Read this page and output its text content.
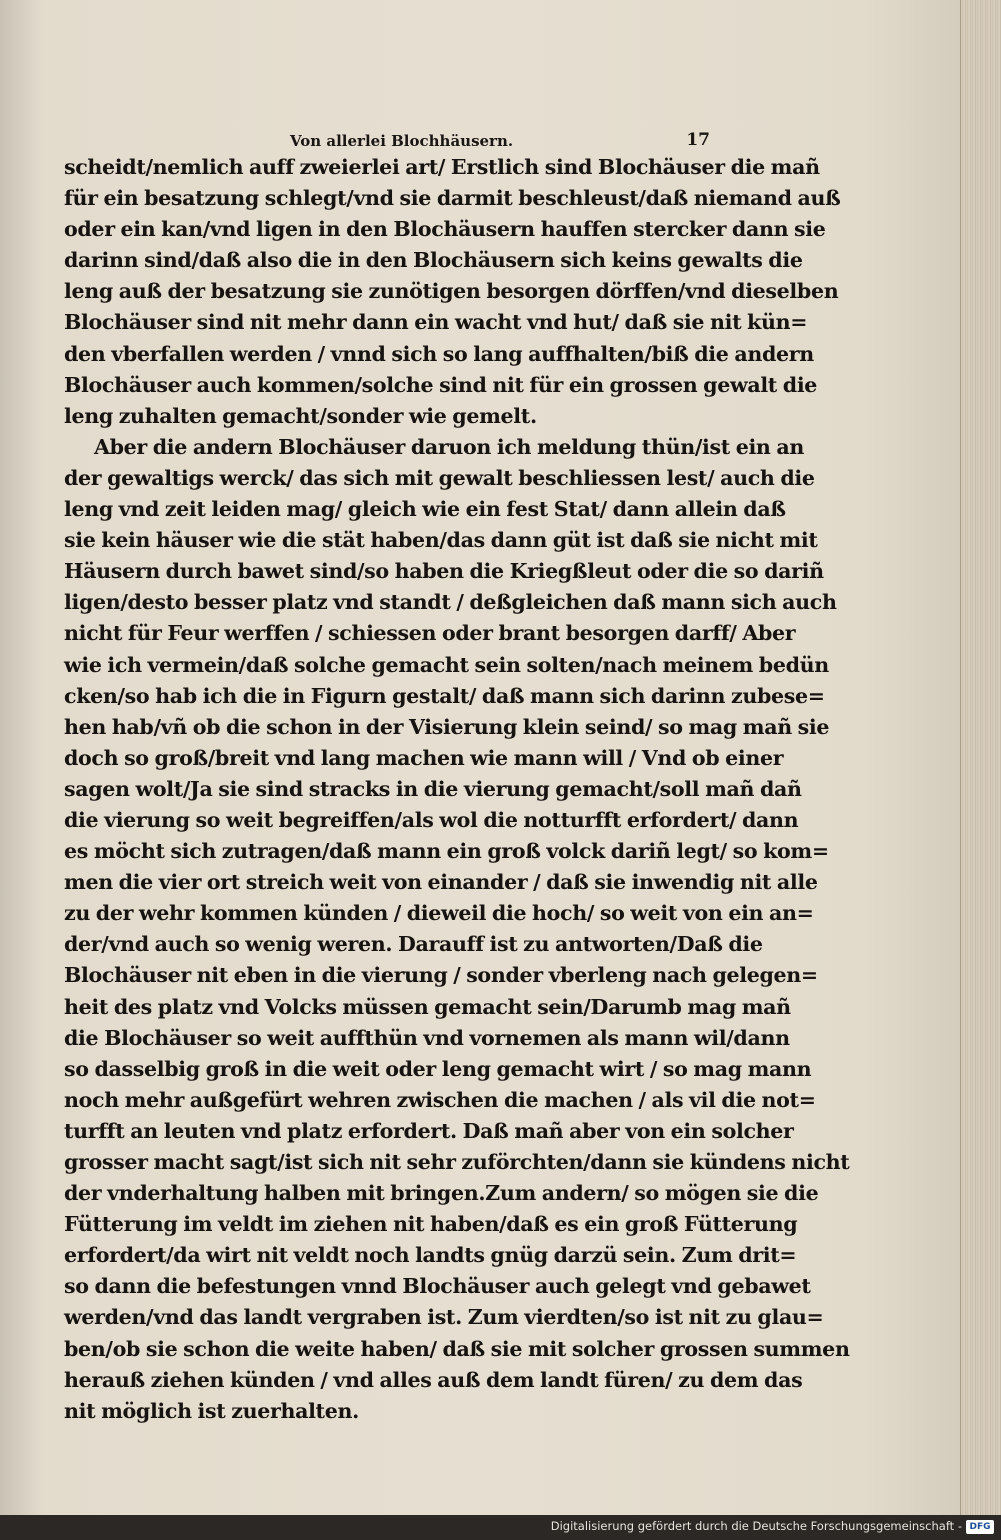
Von allerlei Blochhäusern.	17
scheidt/nemlich auff zweierlei art/ Erstlich sind Blochäuser die mañ
für ein besatzung schlegt/vnd sie darmit beschleust/daß niemand auß
oder ein kan/vnd ligen in den Blochäusern hauffen stercker dann sie
darinn sind/daß also die in den Blochäusern sich keins gewalts die
leng auß der besatzung sie zunötigen besorgen dörffen/vnd dieselben
Blochäuser sind nit mehr dann ein wacht vnd hut/ daß sie nit kün=
den vberfallen werden / vnnd sich so lang auffhalten/biß die andern
Blochäuser auch kommen/solche sind nit für ein grossen gewalt die
leng zuhalten gemacht/sonder wie gemelt.
Aber die andern Blochäuser daruon ich meldung thün/ist ein an
der gewaltigs werck/ das sich mit gewalt beschliessen lest/ auch die
leng vnd zeit leiden mag/ gleich wie ein fest Stat/ dann allein daß
sie kein häuser wie die stät haben/das dann güt ist daß sie nicht mit
Häusern durch bawet sind/so haben die Kriegßleut oder die so dariñ
ligen/desto besser platz vnd standt / deßgleichen daß mann sich auch
nicht für Feur werffen / schiessen oder brant besorgen darff/ Aber
wie ich vermein/daß solche gemacht sein solten/nach meinem bedün
cken/so hab ich die in Figurn gestalt/ daß mann sich darinn zubese=
hen hab/vñ ob die schon in der Visierung klein seind/ so mag mañ sie
doch so groß/breit vnd lang machen wie mann will / Vnd ob einer
sagen wolt/Ja sie sind stracks in die vierung gemacht/soll mañ dañ
die vierung so weit begreiffen/als wol die notturfft erfordert/ dann
es möcht sich zutragen/daß mann ein groß volck dariñ legt/ so kom=
men die vier ort streich weit von einander / daß sie inwendig nit alle
zu der wehr kommen künden / dieweil die hoch/ so weit von ein an=
der/vnd auch so wenig weren. Darauff ist zu antworten/Daß die
Blochäuser nit eben in die vierung / sonder vberleng nach gelegen=
heit des platz vnd Volcks müssen gemacht sein/Darumb mag mañ
die Blochäuser so weit auffthün vnd vornemen als mann wil/dann
so dasselbig groß in die weit oder leng gemacht wirt / so mag mann
noch mehr außgefürt wehren zwischen die machen / als vil die not=
turfft an leuten vnd platz erfordert. Daß mañ aber von ein solcher
grosser macht sagt/ist sich nit sehr zuförchten/dann sie kündens nicht
der vnderhaltung halben mit bringen.Zum andern/ so mögen sie die
Fütterung im veldt im ziehen nit haben/daß es ein groß Fütterung
erfordert/da wirt nit veldt noch landts gnüg darzü sein. Zum drit=
so dann die befestungen vnnd Blochäuser auch gelegt vnd gebawet
werden/vnd das landt vergraben ist. Zum vierdten/so ist nit zu glau=
ben/ob sie schon die weite haben/ daß sie mit solcher grossen summen
herauß ziehen künden / vnd alles auß dem landt füren/ zu dem das
nit möglich ist zuerhalten.
Digitalisierung gefördert durch die Deutsche Forschungsgemeinschaft - DFG
